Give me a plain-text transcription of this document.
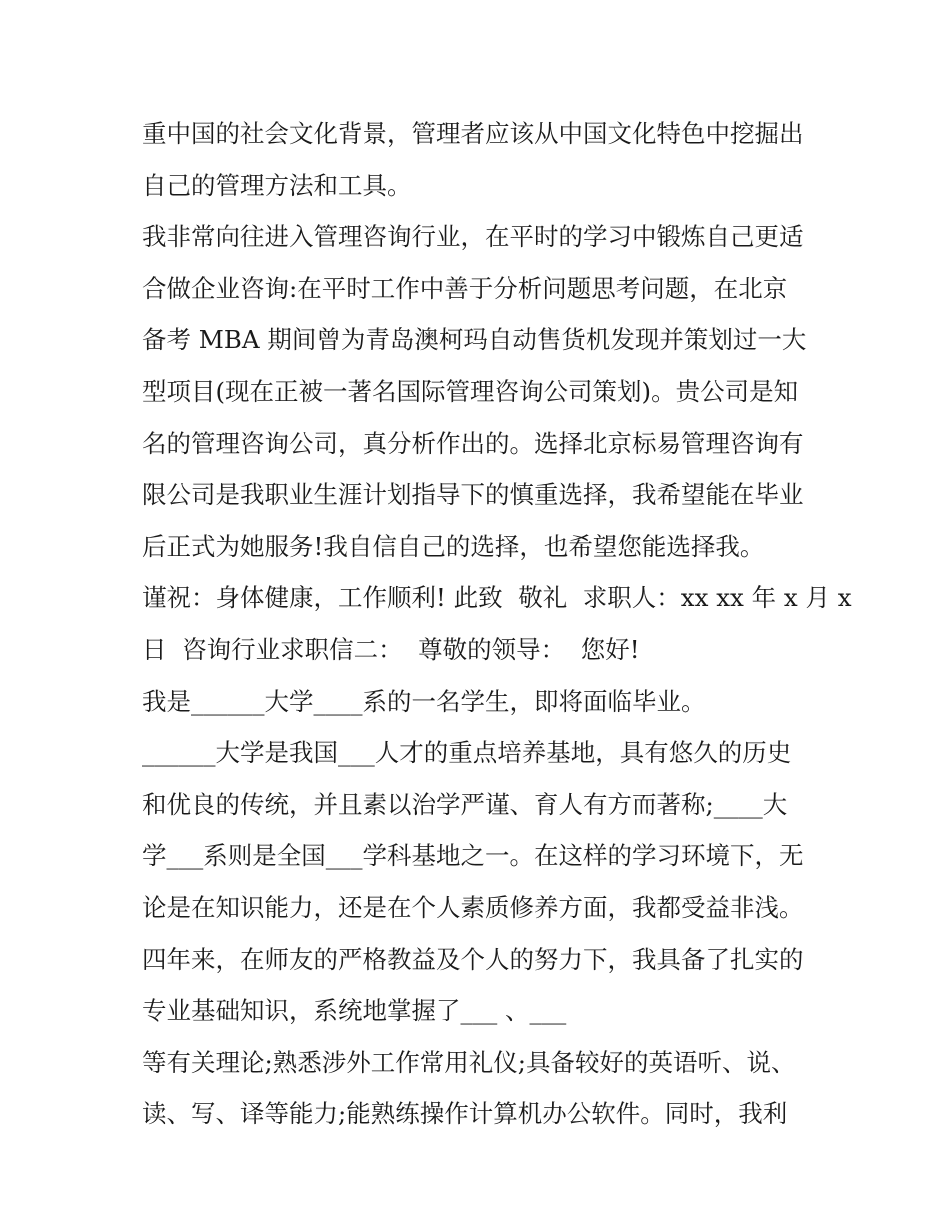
重中国的社会文化背景，管理者应该从中国文化特色中挖掘出
自己的管理方法和工具。
我非常向往进入管理咨询行业，在平时的学习中锻炼自己更适
合做企业咨询:在平时工作中善于分析问题思考问题，在北京
备考 MBA 期间曾为青岛澳柯玛自动售货机发现并策划过一大
型项目(现在正被一著名国际管理咨询公司策划)。贵公司是知
名的管理咨询公司，真分析作出的。选择北京标易管理咨询有
限公司是我职业生涯计划指导下的慎重选择，我希望能在毕业
后正式为她服务!我自信自己的选择，也希望您能选择我。
谨祝：身体健康，工作顺利! 此致  敬礼  求职人：xx xx 年 x 月 x
日  咨询行业求职信二：  尊敬的领导：  您好!
我是______大学____系的一名学生，即将面临毕业。
______大学是我国___人才的重点培养基地，具有悠久的历史
和优良的传统，并且素以治学严谨、育人有方而著称;____大
学___系则是全国___学科基地之一。在这样的学习环境下，无
论是在知识能力，还是在个人素质修养方面，我都受益非浅。
四年来，在师友的严格教益及个人的努力下，我具备了扎实的
专业基础知识，系统地掌握了___ 、___
等有关理论;熟悉涉外工作常用礼仪;具备较好的英语听、说、
读、写、译等能力;能熟练操作计算机办公软件。同时，我利
